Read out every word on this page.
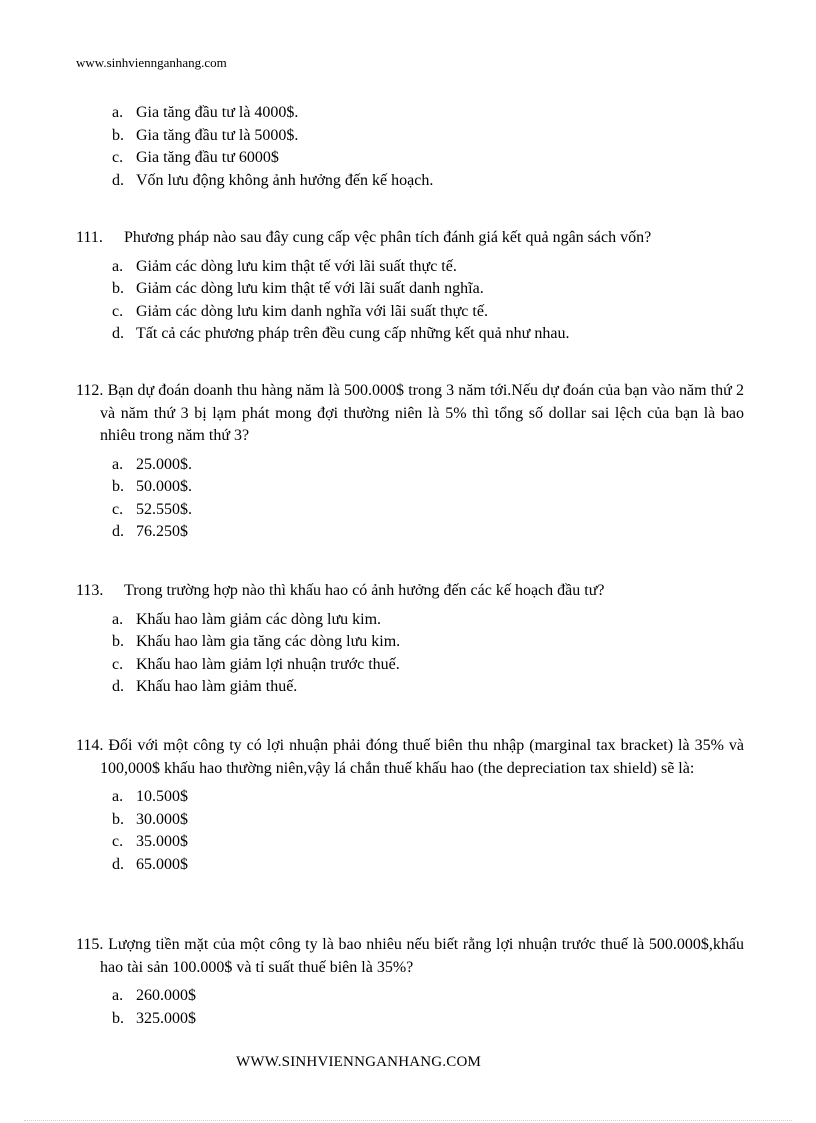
www.sinhviennganhang.com
a. Gia tăng đầu tư là 4000$.
b. Gia tăng đầu tư là 5000$.
c. Gia tăng đầu tư 6000$
d. Vốn lưu động không ảnh hưởng đến kế hoạch.
111.	Phương pháp nào sau đây cung cấp vệc phân tích đánh giá kết quả ngân sách vốn?
a. Giảm các dòng lưu kim thật tế với lãi suất thực tế.
b. Giảm các dòng lưu kim thật tế với lãi suất danh nghĩa.
c. Giảm các dòng lưu kim danh nghĩa với lãi suất thực tế.
d. Tất cả các phương pháp trên đều cung cấp những kết quả như nhau.
112. Bạn dự đoán doanh thu hàng năm là 500.000$ trong 3 năm tới.Nếu dự đoán của bạn vào năm thứ 2 và năm thứ 3 bị lạm phát mong đợi thường niên là 5% thì tổng số dollar sai lệch của bạn là bao nhiêu trong năm thứ 3?
a. 25.000$.
b. 50.000$.
c. 52.550$.
d. 76.250$
113.	Trong trường hợp nào thì khấu hao có ảnh hưởng đến các kế hoạch đầu tư?
a. Khấu hao làm giảm các dòng lưu kim.
b. Khấu hao làm gia tăng các dòng lưu kim.
c. Khấu hao làm giảm lợi nhuận trước thuế.
d. Khấu hao làm giảm thuế.
114. Đối với một công ty có lợi nhuận phải đóng thuế biên thu nhập (marginal tax bracket) là 35% và 100,000$ khấu hao thường niên,vậy lá chắn thuế khấu hao (the depreciation tax shield) sẽ là:
a. 10.500$
b. 30.000$
c. 35.000$
d. 65.000$
115. Lượng tiền mặt của một công ty là bao nhiêu nếu biết rằng lợi nhuận trước thuế là 500.000$,khấu hao tài sản 100.000$ và tỉ suất thuế biên là 35%?
a. 260.000$
b. 325.000$
WWW.SINHVIENNGANHANG.COM
